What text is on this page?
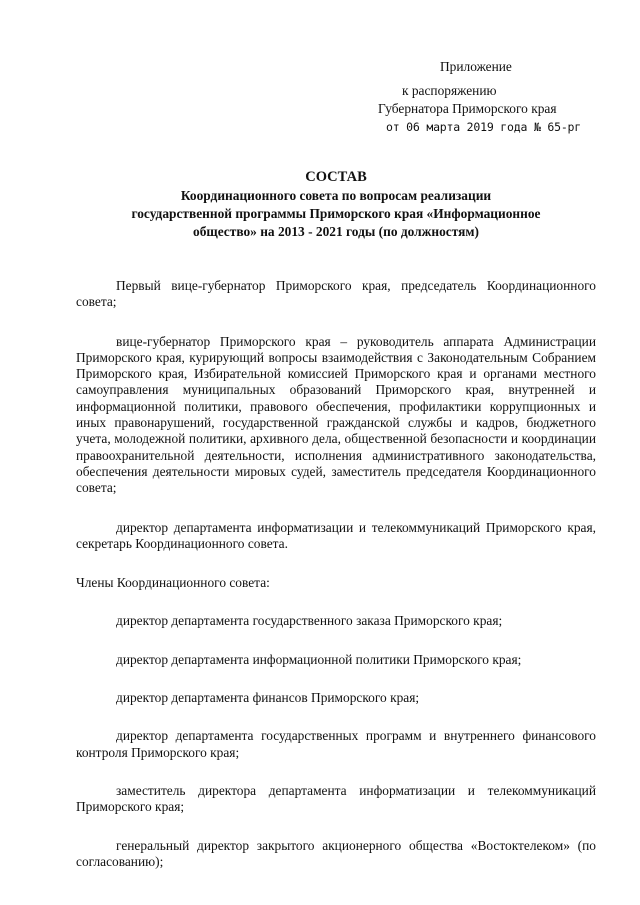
Приложение
к распоряжению
Губернатора Приморского края
от 06 марта 2019 года № 65-рг
СОСТАВ
Координационного совета по вопросам реализации
государственной программы Приморского края «Информационное
общество» на 2013 - 2021 годы (по должностям)

Первый вице-губернатор Приморского края, председатель Координационного совета;

вице-губернатор Приморского края – руководитель аппарата Администрации Приморского края, курирующий вопросы взаимодействия с Законодательным Собранием Приморского края, Избирательной комиссией Приморского края и органами местного самоуправления муниципальных образований Приморского края, внутренней и информационной политики, правового обеспечения, профилактики коррупционных и иных правонарушений, государственной гражданской службы и кадров, бюджетного учета, молодежной политики, архивного дела, общественной безопасности и координации правоохранительной деятельности, исполнения административного законодательства, обеспечения деятельности мировых судей, заместитель председателя Координационного совета;

директор департамента информатизации и телекоммуникаций Приморского края, секретарь Координационного совета.

Члены Координационного совета:

директор департамента государственного заказа Приморского края;

директор департамента информационной политики Приморского края;

директор департамента финансов Приморского края;

директор департамента государственных программ и внутреннего финансового контроля Приморского края;

заместитель директора департамента информатизации и телекоммуникаций Приморского края;

генеральный директор закрытого акционерного общества «Востоктелеком» (по согласованию);
